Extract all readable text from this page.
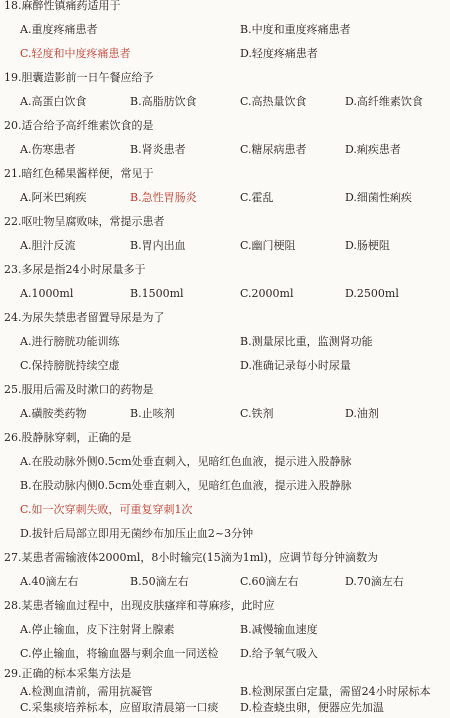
18.麻醉性镇痛药适用于
A.重度疼痛患者	B.中度和重度疼痛患者
C.轻度和中度疼痛患者	D.轻度疼痛患者
19.胆囊造影前一日午餐应给予
A.高蛋白饮食	B.高脂肪饮食	C.高热量饮食	D.高纤维素饮食
20.适合给予高纤维素饮食的是
A.伤寒患者	B.肾炎患者	C.糖尿病患者	D.痢疾患者
21.暗红色稀果酱样便，常见于
A.阿米巴痢疾	B.急性胃肠炎	C.霍乱	D.细菌性痢疾
22.呕吐物呈腐败味，常提示患者
A.胆汁反流	B.胃内出血	C.幽门梗阻	D.肠梗阻
23.多尿是指24小时尿量多于
A.1000ml	B.1500ml	C.2000ml	D.2500ml
24.为尿失禁患者留置导尿是为了
A.进行膀胱功能训练	B.测量尿比重，监测肾功能
C.保持膀胱持续空虚	D.准确记录每小时尿量
25.服用后需及时漱口的药物是
A.磺胺类药物	B.止咳剂	C.铁剂	D.油剂
26.股静脉穿刺，正确的是
A.在股动脉外侧0.5cm处垂直刺入，见暗红色血液，提示进入股静脉
B.在股动脉内侧0.5cm处垂直刺入，见暗红色血液，提示进入股静脉
C.如一次穿刺失败，可重复穿刺1次
D.拔针后局部立即用无菌纱布加压止血2~3分钟
27.某患者需输液体2000ml，8小时输完(15滴为1ml)，应调节每分钟滴数为
A.40滴左右	B.50滴左右	C.60滴左右	D.70滴左右
28.某患者输血过程中，出现皮肤瘙痒和荨麻疹，此时应
A.停止输血，皮下注射肾上腺素	B.减慢输血速度
C.停止输血，将输血器与剩余血一同送检 D.给予氧气吸入
29.正确的标本采集方法是
A.检测血清前，需用抗凝管	B.检测尿蛋白定量，需留24小时尿标本
C.采集痰培养标本，应留取清晨第一口痰 D.检查蛲虫卵，便器应先加温
